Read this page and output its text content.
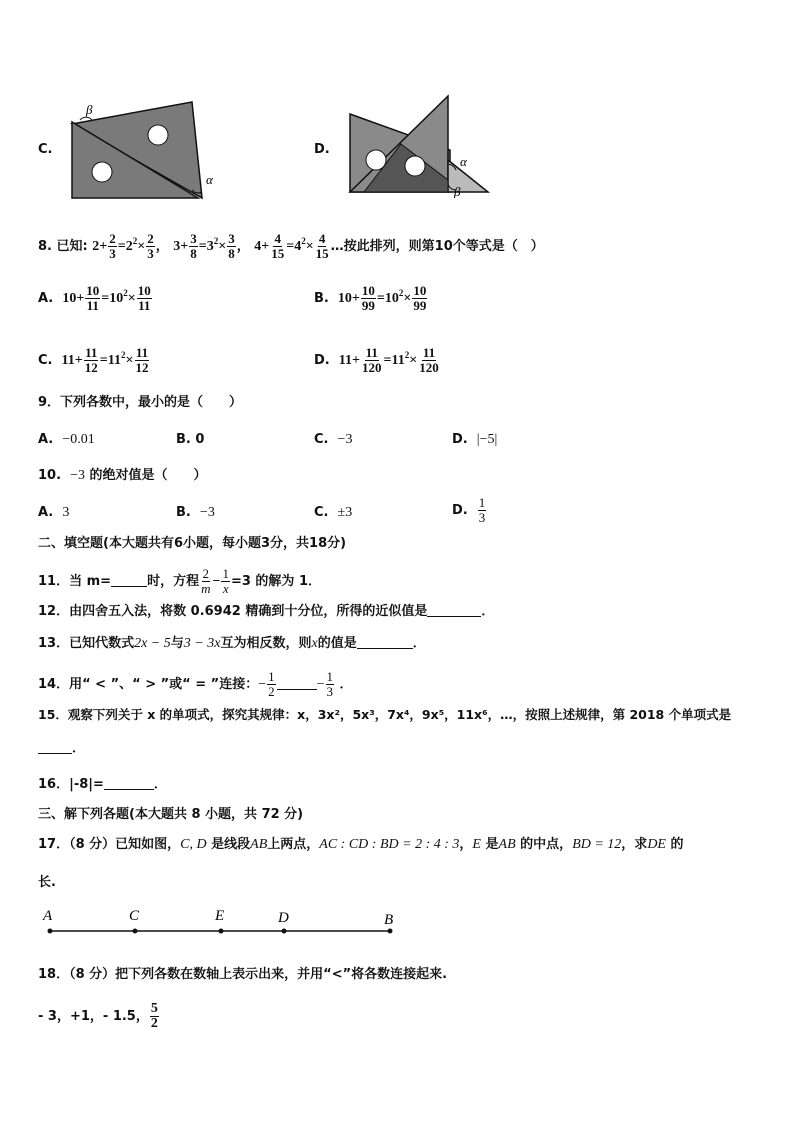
C.
β
α
D.
α
β
8. 已知: $2+ \frac{2}{3} =2^2\times \frac{2}{3}$ ， $3+ \frac{3}{8} =3^2\times \frac{3}{8}$ ， $4+ \frac{4}{15} =4^2\times \frac{4}{15}$ …按此排列，则第10个等式是（　）
A. $10+ \frac{10}{11} =10^2\times \frac{10}{11}$	B. $10+ \frac{10}{99} =10^2\times \frac{10}{99}$
C. $11+ \frac{11}{12} =11^2\times \frac{11}{12}$	D. $11+ \frac{11}{120} =11^2\times \frac{11}{120}$
9．下列各数中，最小的是（　　）
A. −0.01	B. 0	C. −3	D. |−5|
10. −3 的绝对值是（　　）
A. 3	B. −3	C. ±3	D. $\frac{1}{3}$
二、填空题(本大题共有6小题，每小题3分，共18分)
11．当 m=	时，方程 $\frac{2}{m} - \frac{1}{x} =3$ 的解为 1．
12．由四舍五入法，将数 0.6942 精确到十分位，所得的近似值是	．
13．已知代数式2x − 5与3 − 3x互为相反数，则x的值是	．
14．用“ < ”、“ > ”或“ = ”连接：− $\frac{1}{2}$	− $\frac{1}{3}$ ．
15．观察下列关于 x 的单项式，探究其规律：x，3x²，5x³，7x⁴，9x⁵，11x⁶，…，按照上述规律，第 2018 个单项式是
．
16．|-8|=	．
三、解下列各题(本大题共 8 小题，共 72 分)
17．（8 分）已知如图，C, D 是线段AB上两点，AC : CD : BD = 2 : 4 : 3，E 是AB 的中点，BD = 12，求DE 的
长.
A	C	E	D	B
18．（8 分）把下列各数在数轴上表示出来，并用“<”将各数连接起来.
- 3，+1，- 1.5， $\frac{5}{2}$
